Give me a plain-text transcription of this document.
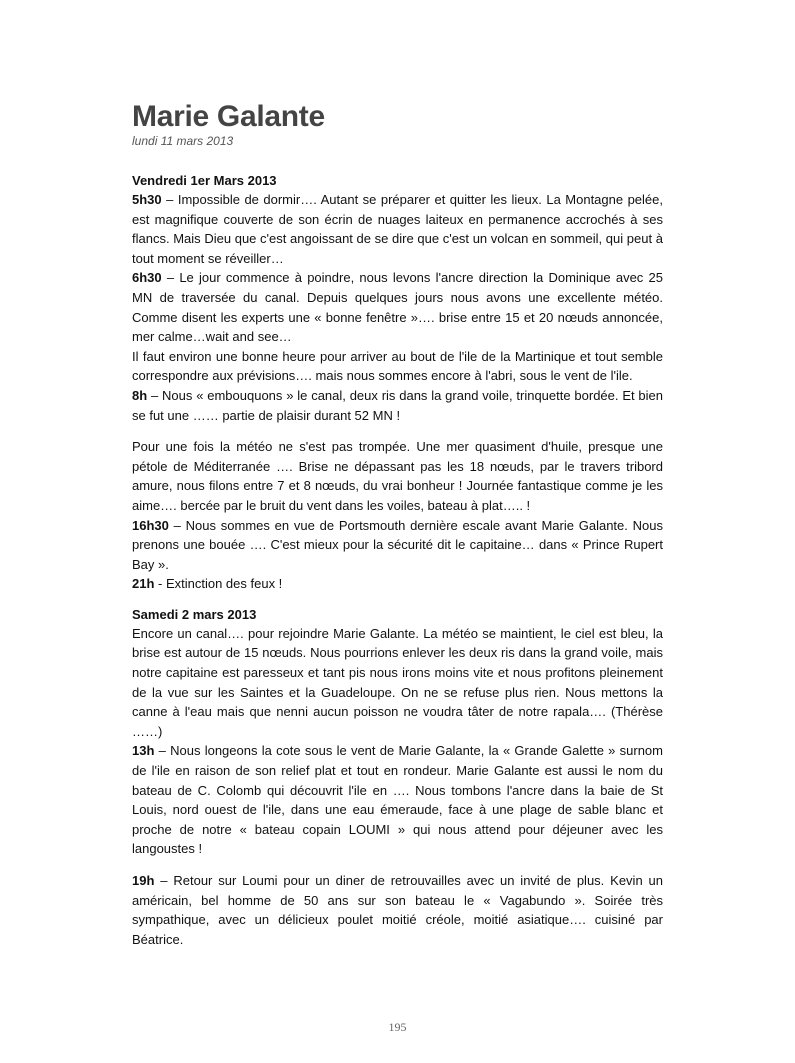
Marie Galante
lundi 11 mars 2013
Vendredi 1er Mars 2013

5h30 – Impossible de dormir…. Autant se préparer et quitter les lieux. La Montagne pelée, est magnifique couverte de son écrin de nuages laiteux en permanence accrochés à ses flancs. Mais Dieu que c'est angoissant de se dire que c'est un volcan en sommeil, qui peut à tout moment se réveiller…

6h30 – Le jour commence à poindre, nous levons l'ancre direction la Dominique avec 25 MN de traversée du canal. Depuis quelques jours nous avons une excellente météo. Comme disent les experts une « bonne fenêtre »…. brise entre 15 et 20 nœuds annoncée, mer calme…wait and see…

Il faut environ une bonne heure pour arriver au bout de l'ile de la Martinique et tout semble correspondre aux prévisions…. mais nous sommes encore à l'abri, sous le vent de l'ile.

8h – Nous « embouquons » le canal, deux ris dans la grand voile, trinquette bordée. Et bien se fut une …… partie de plaisir durant 52 MN !

Pour une fois la météo ne s'est pas trompée. Une mer quasiment d'huile, presque une pétole de Méditerranée …. Brise ne dépassant pas les 18 nœuds, par le travers tribord amure, nous filons entre 7 et 8 nœuds, du vrai bonheur ! Journée fantastique comme je les aime…. bercée par le bruit du vent dans les voiles, bateau à plat….. !

16h30 – Nous sommes en vue de Portsmouth dernière escale avant Marie Galante. Nous prenons une bouée …. C'est mieux pour la sécurité dit le capitaine… dans « Prince Rupert Bay ».

21h - Extinction des feux !

Samedi 2 mars 2013

Encore un canal…. pour rejoindre Marie Galante. La météo se maintient, le ciel est bleu, la brise est autour de 15 nœuds. Nous pourrions enlever les deux ris dans la grand voile, mais notre capitaine est paresseux et tant pis nous irons moins vite et nous profitons pleinement de la vue sur les Saintes et la Guadeloupe. On ne se refuse plus rien. Nous mettons la canne à l'eau mais que nenni aucun poisson ne voudra tâter de notre rapala…. (Thérèse ……)

13h – Nous longeons la cote sous le vent de Marie Galante, la « Grande Galette » surnom de l'ile en raison de son relief plat et tout en rondeur. Marie Galante est aussi le nom du bateau de C. Colomb qui découvrit l'ile en …. Nous tombons l'ancre dans la baie de St Louis, nord ouest de l'ile, dans une eau émeraude, face à une plage de sable blanc et proche de notre « bateau copain LOUMI » qui nous attend pour déjeuner avec les langoustes !

19h – Retour sur Loumi pour un diner de retrouvailles avec un invité de plus. Kevin un américain, bel homme de 50 ans sur son bateau le « Vagabundo ». Soirée très sympathique, avec un délicieux poulet moitié créole, moitié asiatique…. cuisiné par Béatrice.

195
